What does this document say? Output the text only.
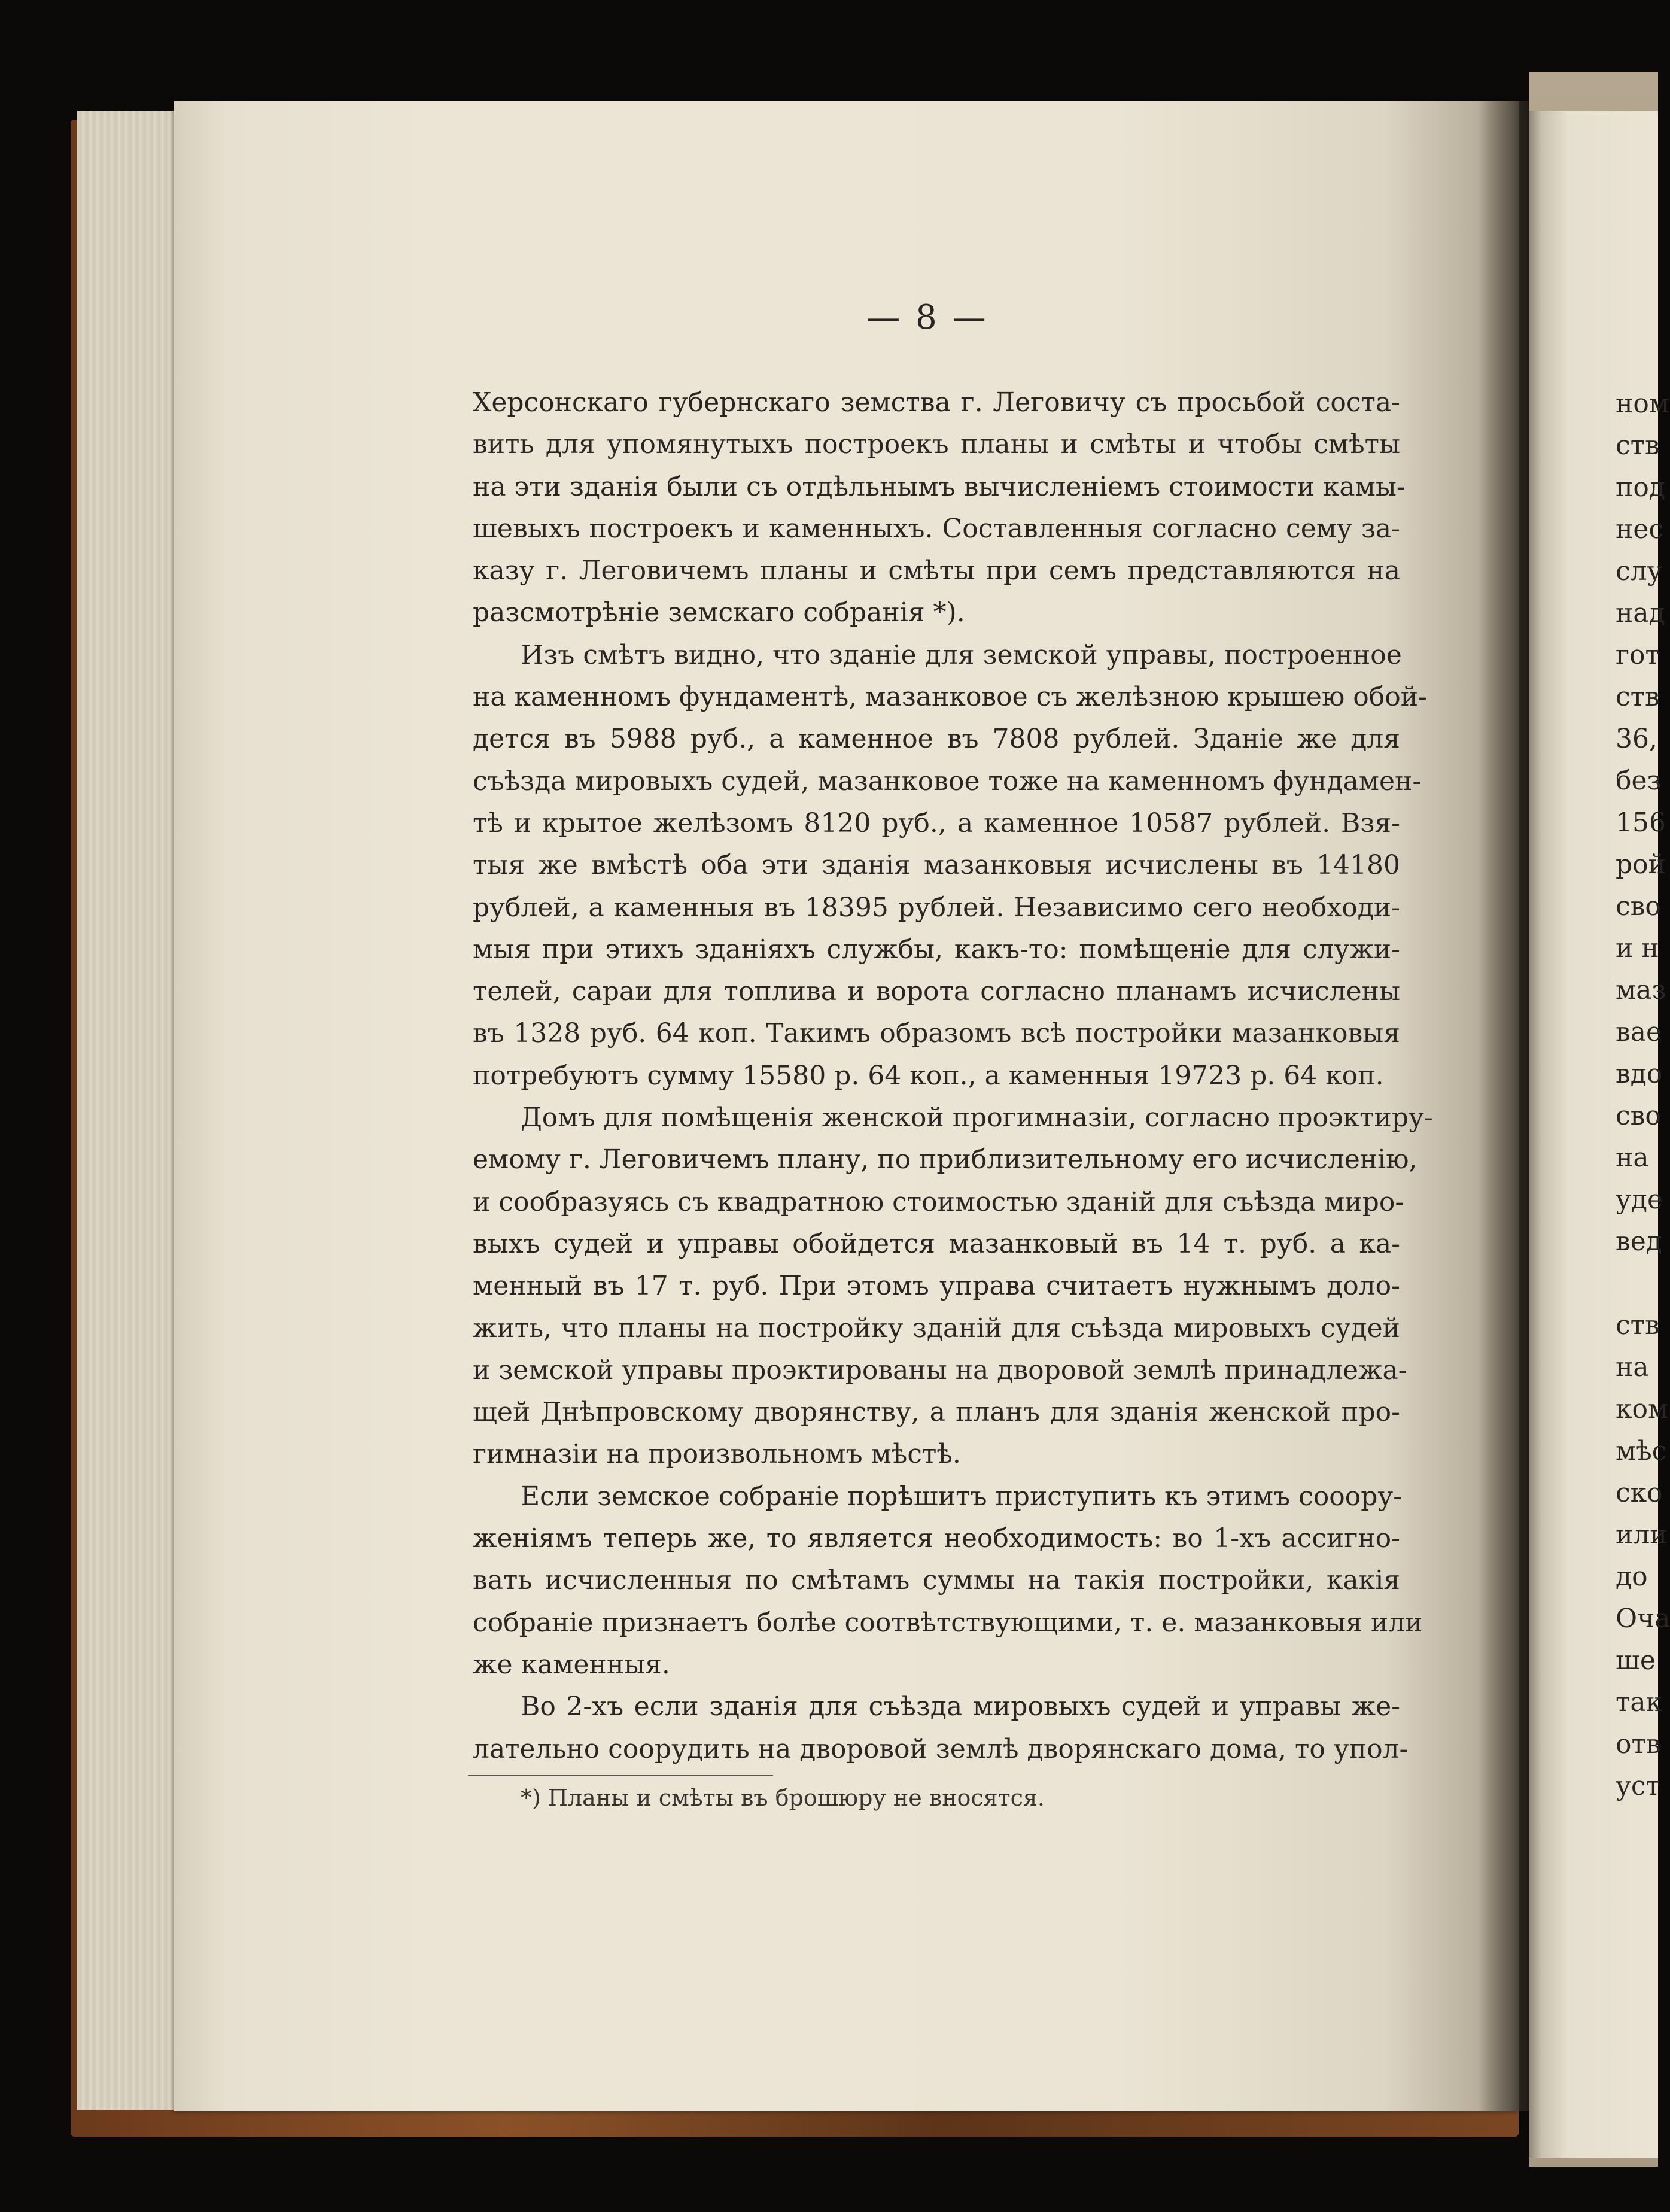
ном
ств
под
нес
слу
над
гот
ств
36,
без
156
рой
сво
и н
маз
вае
вдо
сво
на
уде
вед
ств
на
ком
мѣс
ско
или
до
Оча
ше
так
отв
уст
— 8 —
Херсонскаго губернскаго земства г. Леговичу съ просьбой соста-
вить для упомянутыхъ построекъ планы и смѣты и чтобы смѣты
на эти зданія были съ отдѣльнымъ вычисленіемъ стоимости камы-
шевыхъ построекъ и каменныхъ. Составленныя согласно сему за-
казу г. Леговичемъ планы и смѣты при семъ представляются на
разсмотрѣніе земскаго собранія *).
Изъ смѣтъ видно, что зданіе для земской управы, построенное
на каменномъ фундаментѣ, мазанковое съ желѣзною крышею обой-
дется въ 5988 руб., а каменное въ 7808 рублей. Зданіе же для
съѣзда мировыхъ судей, мазанковое тоже на каменномъ фундамен-
тѣ и крытое желѣзомъ 8120 руб., а каменное 10587 рублей. Взя-
тыя же вмѣстѣ оба эти зданія мазанковыя исчислены въ 14180
рублей, а каменныя въ 18395 рублей. Независимо сего необходи-
мыя при этихъ зданіяхъ службы, какъ-то: помѣщеніе для служи-
телей, сараи для топлива и ворота согласно планамъ исчислены
въ 1328 руб. 64 коп. Такимъ образомъ всѣ постройки мазанковыя
потребуютъ сумму 15580 р. 64 коп., а каменныя 19723 р. 64 коп.
Домъ для помѣщенія женской прогимназіи, согласно проэктиру-
емому г. Леговичемъ плану, по приблизительному его исчисленію,
и сообразуясь съ квадратною стоимостью зданій для съѣзда миро-
выхъ судей и управы обойдется мазанковый въ 14 т. руб. а ка-
менный въ 17 т. руб. При этомъ управа считаетъ нужнымъ доло-
жить, что планы на постройку зданій для съѣзда мировыхъ судей
и земской управы проэктированы на дворовой землѣ принадлежа-
щей Днѣпровскому дворянству, а планъ для зданія женской про-
гимназіи на произвольномъ мѣстѣ.
Если земское собраніе порѣшитъ приступить къ этимъ сооору-
женіямъ теперь же, то является необходимость: во 1-хъ ассигно-
вать исчисленныя по смѣтамъ суммы на такія постройки, какія
собраніе признаетъ болѣе соотвѣтствующими, т. е. мазанковыя или
же каменныя.
Во 2-хъ если зданія для съѣзда мировыхъ судей и управы же-
лательно соорудить на дворовой землѣ дворянскаго дома, то упол-
*) Планы и смѣты въ брошюру не вносятся.
